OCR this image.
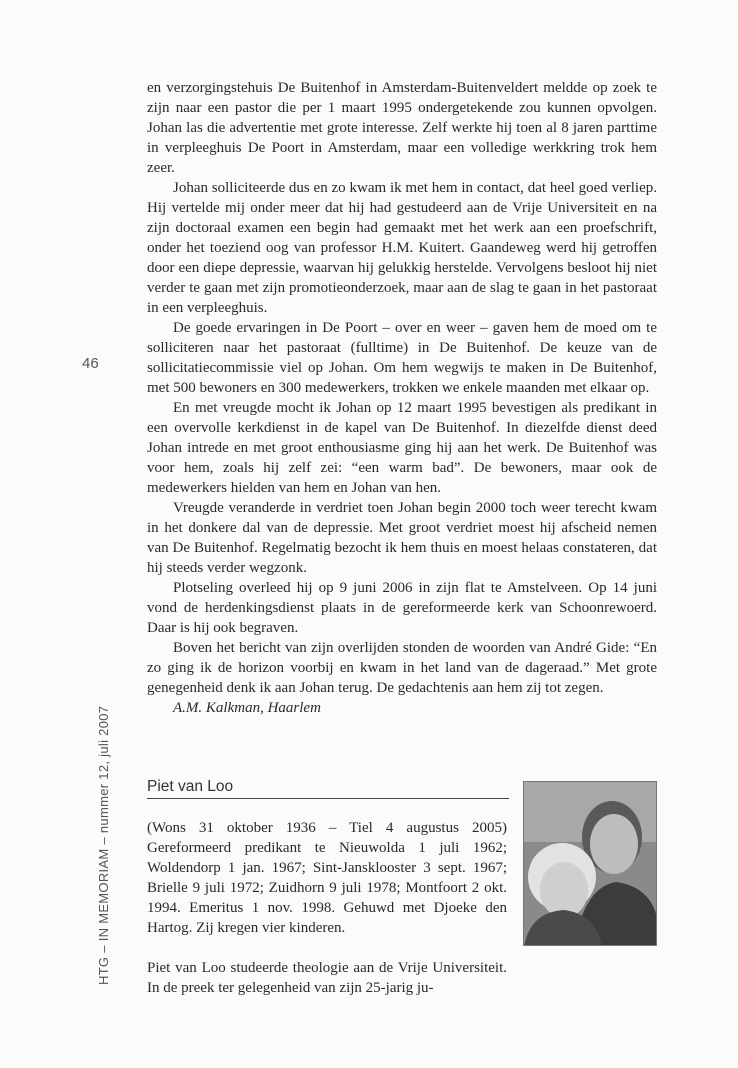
46
HTG – IN MEMORIAM – nummer 12, juli 2007

en verzorgingstehuis De Buitenhof in Amsterdam-Buitenveldert meldde op zoek te zijn naar een pastor die per 1 maart 1995 ondergetekende zou kunnen opvolgen. Johan las die advertentie met grote interesse. Zelf werkte hij toen al 8 jaren parttime in verpleeghuis De Poort in Amsterdam, maar een volledige werkkring trok hem zeer.

Johan solliciteerde dus en zo kwam ik met hem in contact, dat heel goed verliep. Hij vertelde mij onder meer dat hij had gestudeerd aan de Vrije Universiteit en na zijn doctoraal examen een begin had gemaakt met het werk aan een proefschrift, onder het toeziend oog van professor H.M. Kuitert. Gaandeweg werd hij getroffen door een diepe depressie, waarvan hij gelukkig herstelde. Vervolgens besloot hij niet verder te gaan met zijn promotieonderzoek, maar aan de slag te gaan in het pastoraat in een verpleeghuis.

De goede ervaringen in De Poort – over en weer – gaven hem de moed om te solliciteren naar het pastoraat (fulltime) in De Buitenhof. De keuze van de sollicitatiecommissie viel op Johan. Om hem wegwijs te maken in De Buitenhof, met 500 bewoners en 300 medewerkers, trokken we enkele maanden met elkaar op.

En met vreugde mocht ik Johan op 12 maart 1995 bevestigen als predikant in een overvolle kerkdienst in de kapel van De Buitenhof. In diezelfde dienst deed Johan intrede en met groot enthousiasme ging hij aan het werk. De Buitenhof was voor hem, zoals hij zelf zei: “een warm bad”. De bewoners, maar ook de medewerkers hielden van hem en Johan van hen.

Vreugde veranderde in verdriet toen Johan begin 2000 toch weer terecht kwam in het donkere dal van de depressie. Met groot verdriet moest hij afscheid nemen van De Buitenhof. Regelmatig bezocht ik hem thuis en moest helaas constateren, dat hij steeds verder wegzonk.

Plotseling overleed hij op 9 juni 2006 in zijn flat te Amstelveen. Op 14 juni vond de herdenkingsdienst plaats in de gereformeerde kerk van Schoonrewoerd. Daar is hij ook begraven.

Boven het bericht van zijn overlijden stonden de woorden van André Gide: “En zo ging ik de horizon voorbij en kwam in het land van de dageraad.” Met grote genegenheid denk ik aan Johan terug. De gedachtenis aan hem zij tot zegen.

A.M. Kalkman, Haarlem

Piet van Loo

(Wons 31 oktober 1936 – Tiel 4 augustus 2005) Gereformeerd predikant te Nieuwolda 1 juli 1962; Woldendorp 1 jan. 1967; Sint-Jansklooster 3 sept. 1967; Brielle 9 juli 1972; Zuidhorn 9 juli 1978; Montfoort 2 okt. 1994. Emeritus 1 nov. 1998. Gehuwd met Djoeke den Hartog. Zij kregen vier kinderen.

Piet van Loo studeerde theologie aan de Vrije Universiteit. In de preek ter gelegenheid van zijn 25-jarig ju-
